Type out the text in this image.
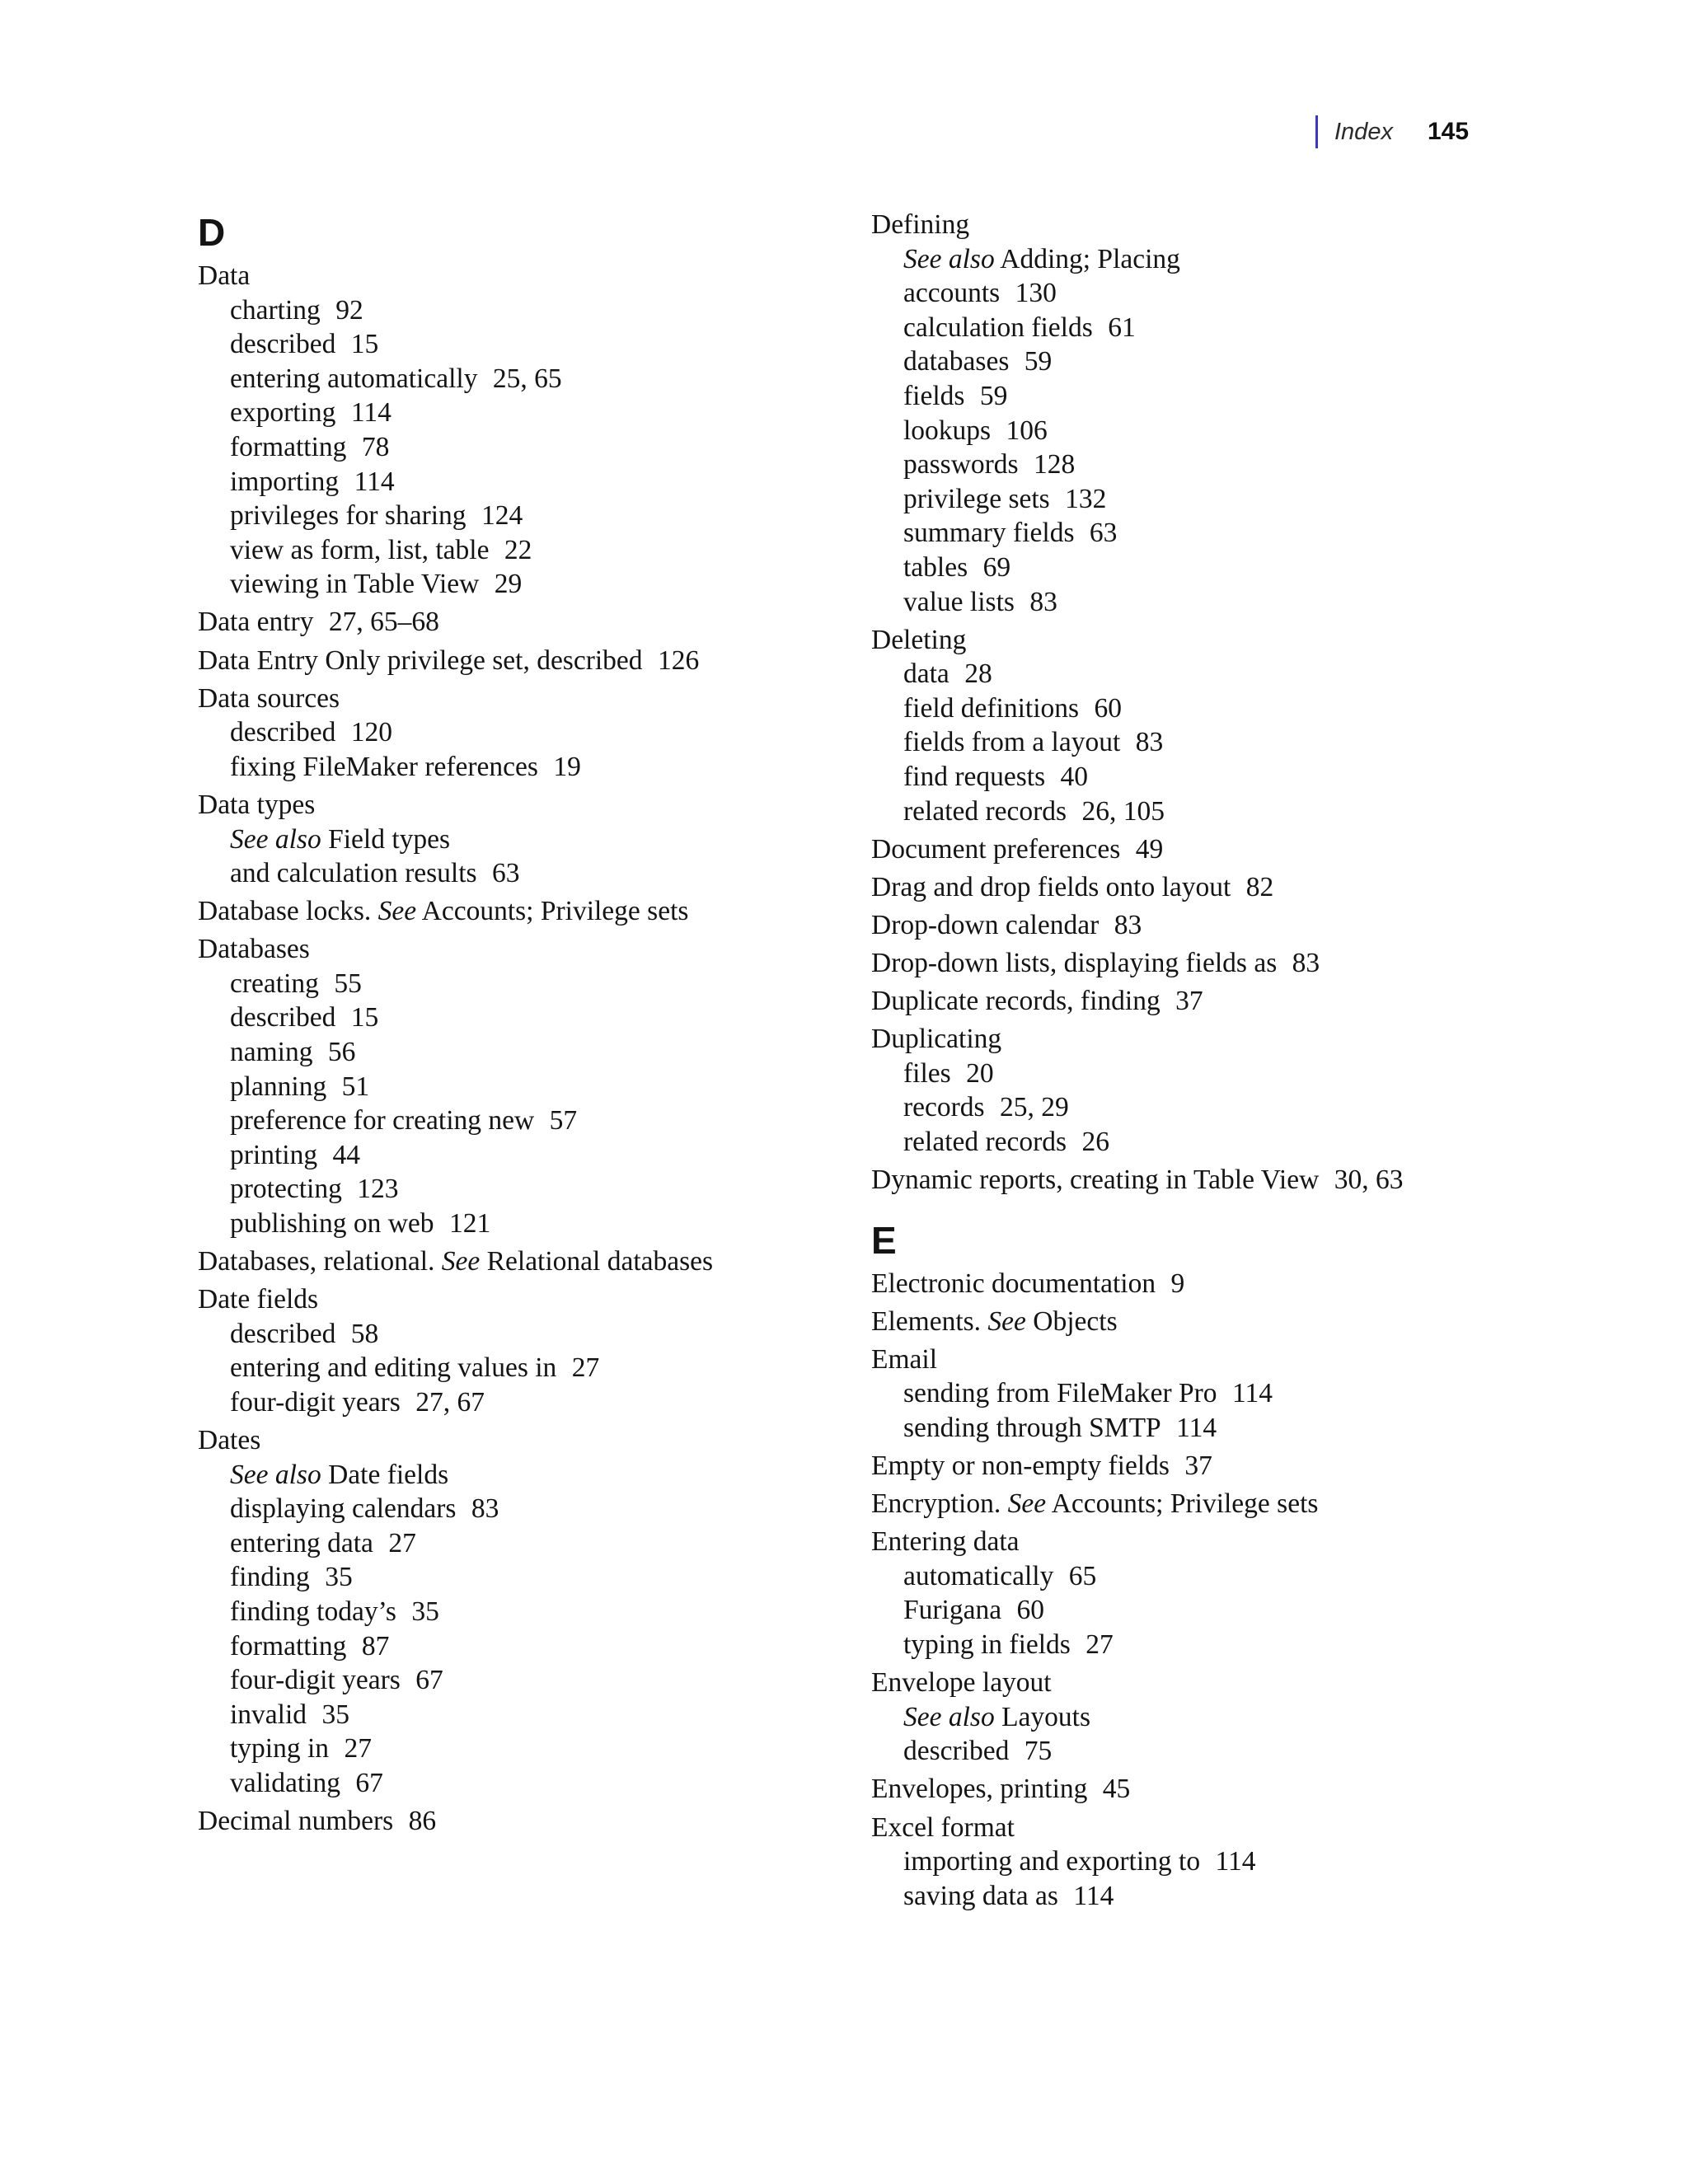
Index 145
D
Data
charting 92
described 15
entering automatically 25, 65
exporting 114
formatting 78
importing 114
privileges for sharing 124
view as form, list, table 22
viewing in Table View 29
Data entry 27, 65–68
Data Entry Only privilege set, described 126
Data sources
described 120
fixing FileMaker references 19
Data types
See also Field types
and calculation results 63
Database locks. See Accounts; Privilege sets
Databases
creating 55
described 15
naming 56
planning 51
preference for creating new 57
printing 44
protecting 123
publishing on web 121
Databases, relational. See Relational databases
Date fields
described 58
entering and editing values in 27
four-digit years 27, 67
Dates
See also Date fields
displaying calendars 83
entering data 27
finding 35
finding today’s 35
formatting 87
four-digit years 67
invalid 35
typing in 27
validating 67
Decimal numbers 86
Defining
See also Adding; Placing
accounts 130
calculation fields 61
databases 59
fields 59
lookups 106
passwords 128
privilege sets 132
summary fields 63
tables 69
value lists 83
Deleting
data 28
field definitions 60
fields from a layout 83
find requests 40
related records 26, 105
Document preferences 49
Drag and drop fields onto layout 82
Drop-down calendar 83
Drop-down lists, displaying fields as 83
Duplicate records, finding 37
Duplicating
files 20
records 25, 29
related records 26
Dynamic reports, creating in Table View 30, 63
E
Electronic documentation 9
Elements. See Objects
Email
sending from FileMaker Pro 114
sending through SMTP 114
Empty or non-empty fields 37
Encryption. See Accounts; Privilege sets
Entering data
automatically 65
Furigana 60
typing in fields 27
Envelope layout
See also Layouts
described 75
Envelopes, printing 45
Excel format
importing and exporting to 114
saving data as 114
